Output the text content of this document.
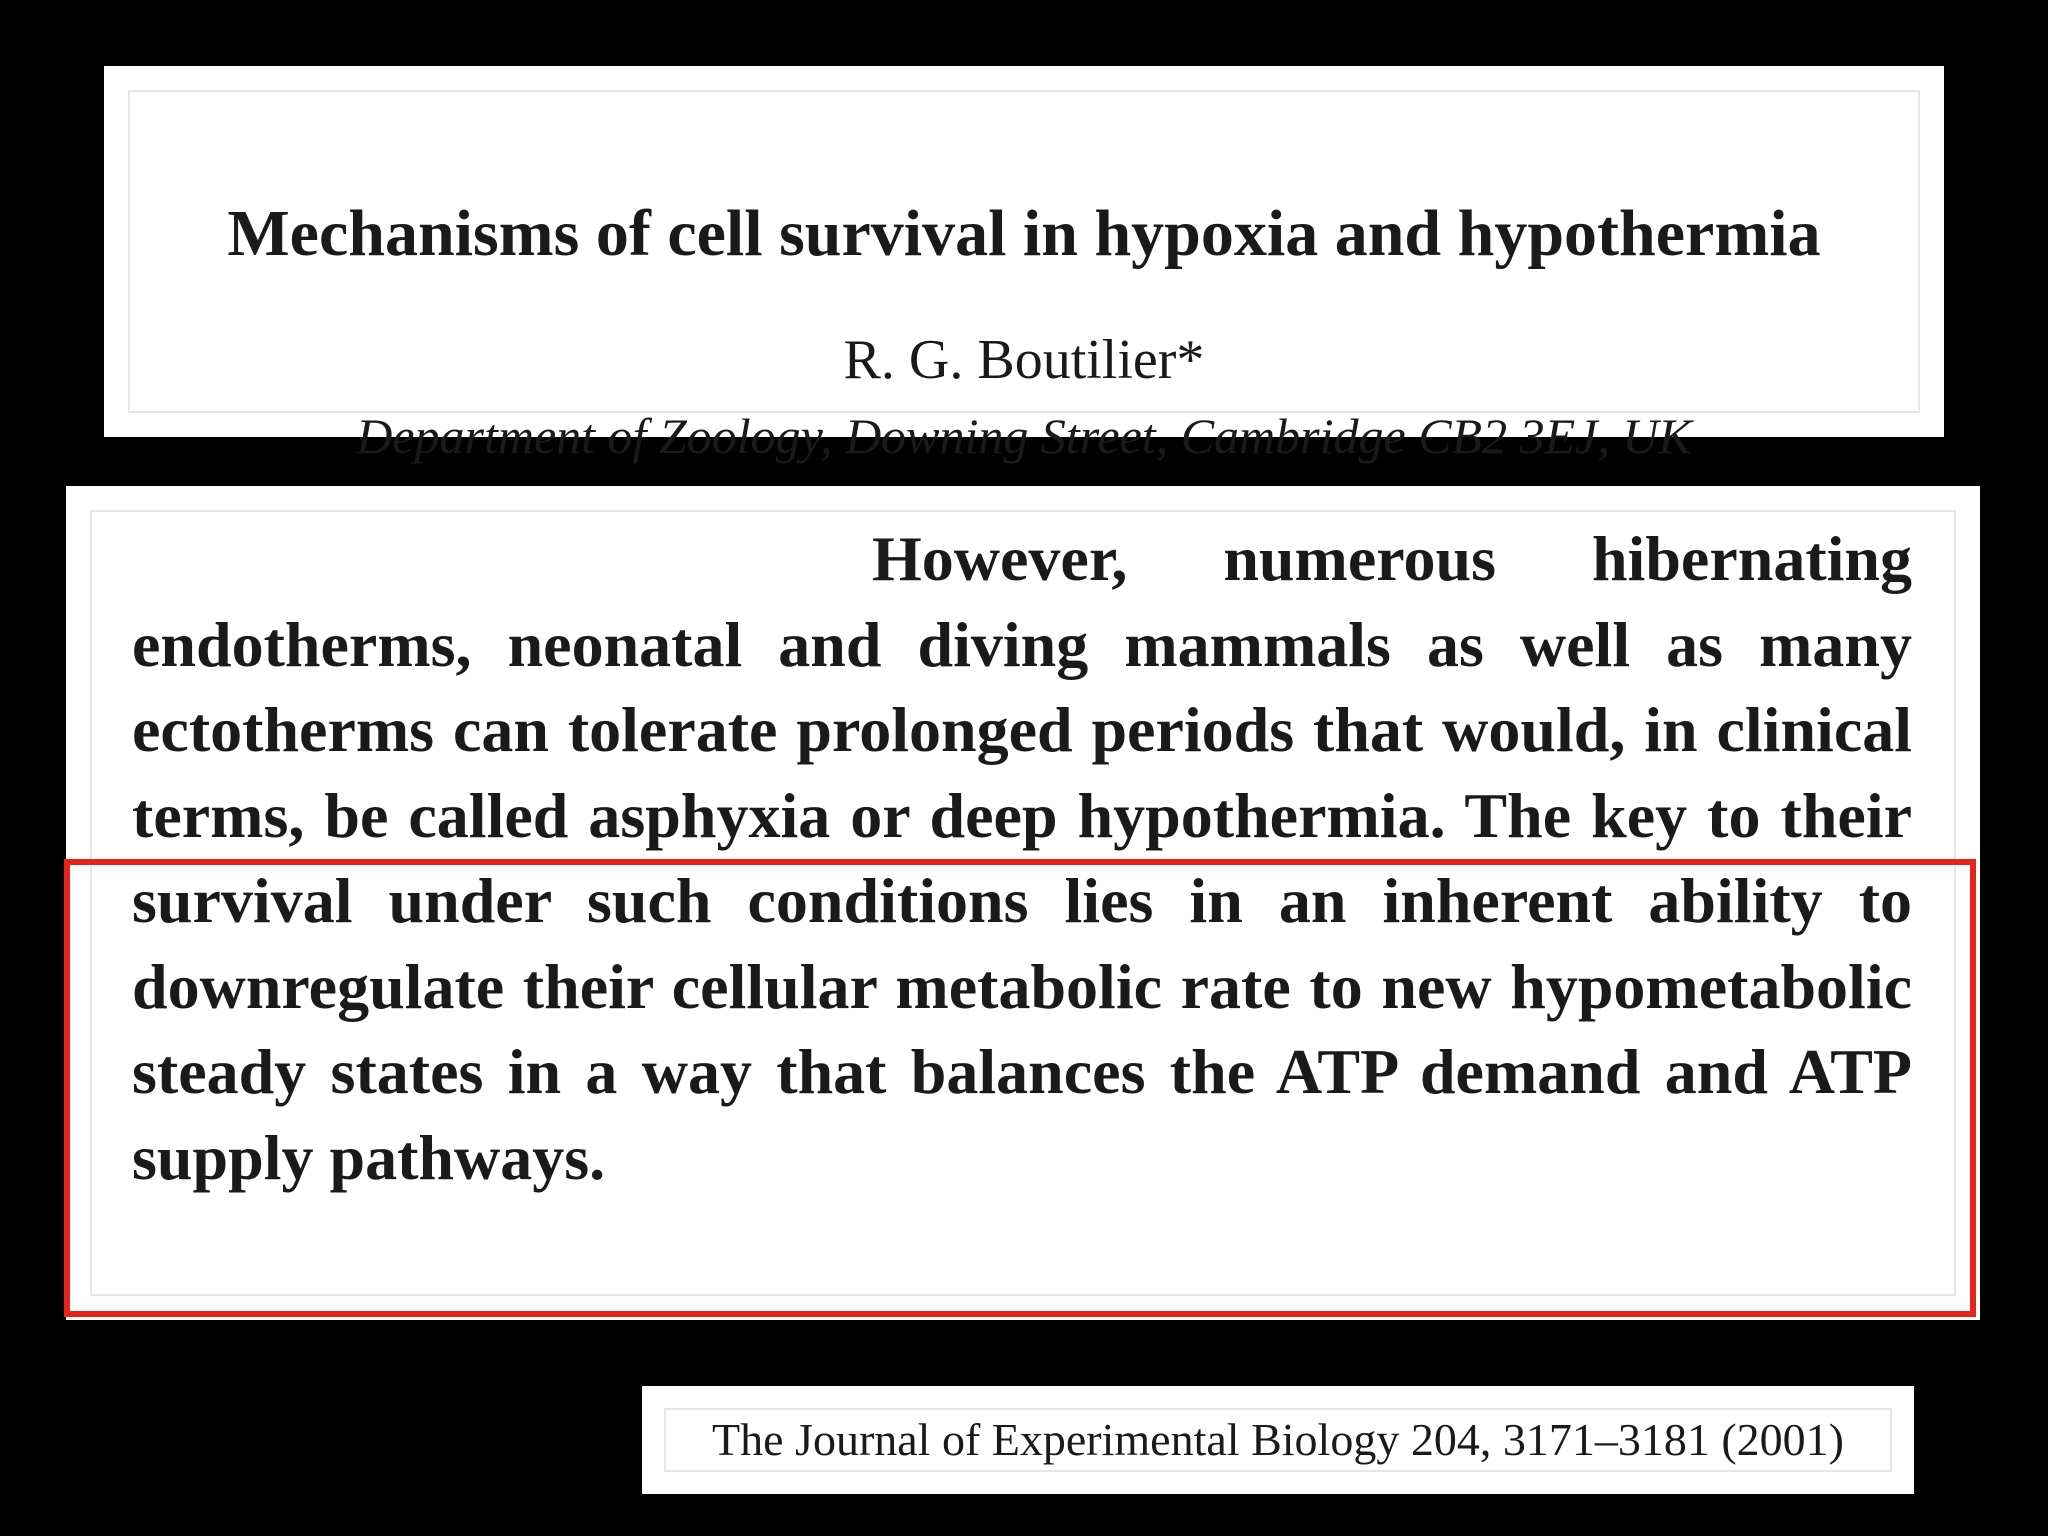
Mechanisms of cell survival in hypoxia and hypothermia
R. G. Boutilier*
Department of Zoology, Downing Street, Cambridge CB2 3EJ, UK

However, numerous hibernating endotherms, neonatal and diving mammals as well as many ectotherms can tolerate prolonged periods that would, in clinical terms, be called asphyxia or deep hypothermia. The key to their survival under such conditions lies in an inherent ability to downregulate their cellular metabolic rate to new hypometabolic steady states in a way that balances the ATP demand and ATP supply pathways.

The Journal of Experimental Biology 204, 3171–3181 (2001)
